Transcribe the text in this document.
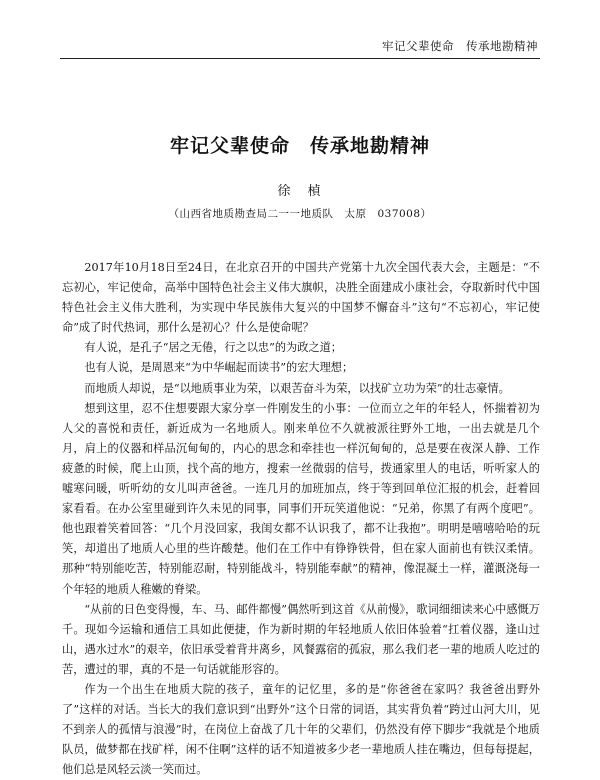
牢记父辈使命　传承地勘精神
牢记父辈使命　传承地勘精神
徐　楨
（山西省地质勘查局二一一地质队　太原　037008）

2017年10月18日至24日，在北京召开的中国共产党第十九次全国代表大会，主题是：“不忘初心，牢记使命，高举中国特色社会主义伟大旗帜，决胜全面建成小康社会，夺取新时代中国特色社会主义伟大胜利，为实现中华民族伟大复兴的中国梦不懈奋斗”这句“不忘初心，牢记使命”成了时代热词，那什么是初心？什么是使命呢？

有人说，是孔子“居之无倦，行之以忠”的为政之道；

也有人说，是周恩来“为中华崛起而读书”的宏大理想；

而地质人却说，是“以地质事业为荣，以艰苦奋斗为荣，以找矿立功为荣”的壮志豪情。

想到这里，忍不住想要跟大家分享一件刚发生的小事：一位而立之年的年轻人，怀揣着初为人父的喜悦和责任，新近成为一名地质人。刚来单位不久就被派往野外工地，一出去就是几个月，肩上的仪器和样品沉甸甸的，内心的思念和牵挂也一样沉甸甸的，总是要在夜深人静、工作疲惫的时候，爬上山顶，找个高的地方，搜索一丝微弱的信号，拨通家里人的电话，听听家人的嘘寒问暖，听听幼的女儿叫声爸爸。一连几月的加班加点，终于等到回单位汇报的机会，赶着回家看看。在办公室里碰到许久未见的同事，同事们开玩笑道他说：“兄弟，你黑了有两个度吧”。他也跟着笑着回答：“几个月没回家，我闺女都不认识我了，都不让我抱”。明明是嘻嘻哈哈的玩笑，却道出了地质人心里的些许酸楚。他们在工作中有铮铮铁骨，但在家人面前也有铁汉柔情。那种“特别能吃苦，特别能忍耐，特别能战斗，特别能奉献”的精神，像混凝土一样，灌溉浇每一个年轻的地质人稚嫩的脊梁。

“从前的日色变得慢，车、马、邮件都慢”偶然听到这首《从前慢》，歌词细细读来心中感慨万千。现如今运输和通信工具如此便捷，作为新时期的年轻地质人依旧体验着“扛着仪器，逢山过山，遇水过水”的艰辛，依旧承受着背井离乡，风餐露宿的孤寂，那么我们老一辈的地质人吃过的苦，遭过的罪，真的不是一句话就能形容的。

作为一个出生在地质大院的孩子，童年的记忆里，多的是“你爸爸在家吗？我爸爸出野外了”这样的对话。当长大的我们意识到“出野外”这个日常的词语，其实背负着“跨过山河大川，见不到亲人的孤情与浪漫”时，在岗位上奋战了几十年的父辈们，仍然没有停下脚步“我就是个地质队员，做梦都在找矿样，闲不住啊”这样的话不知道被多少老一辈地质人挂在嘴边，但每每提起，他们总是风轻云淡一笑而过。
